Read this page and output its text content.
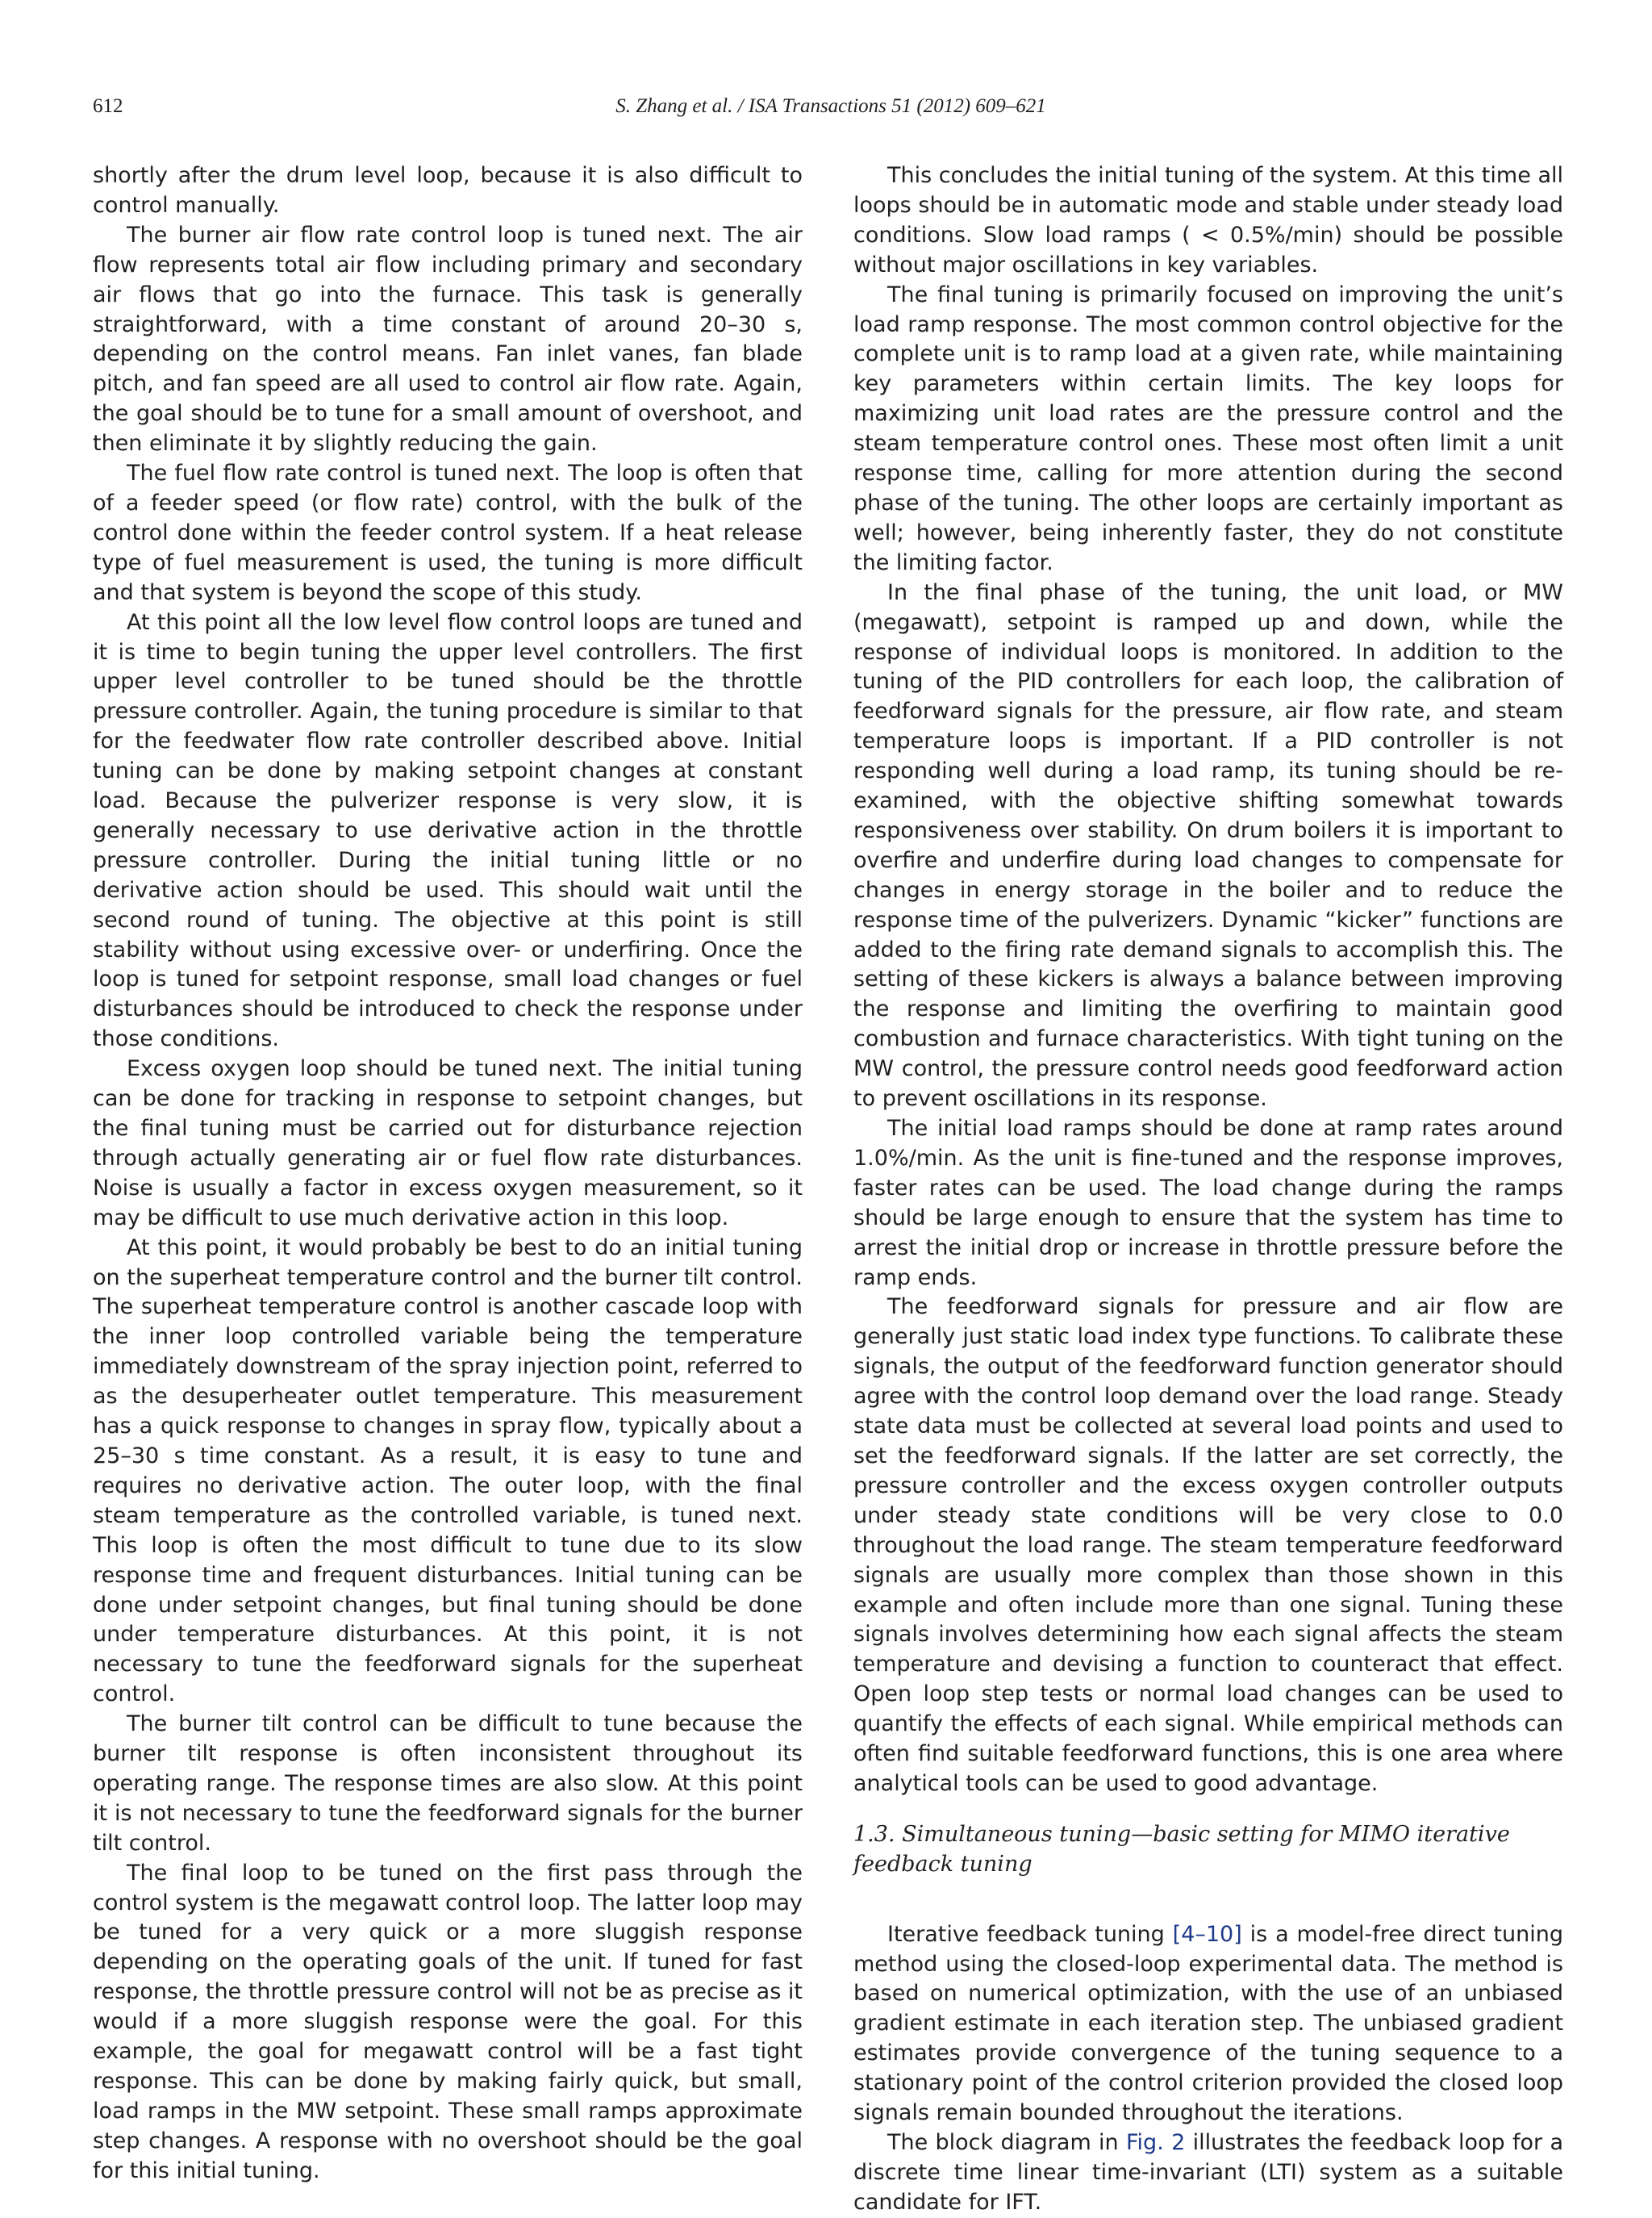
612	S. Zhang et al. / ISA Transactions 51 (2012) 609–621

shortly after the drum level loop, because it is also difficult to control manually.

The burner air flow rate control loop is tuned next. The air flow represents total air flow including primary and secondary air flows that go into the furnace. This task is generally straightforward, with a time constant of around 20–30 s, depending on the control means. Fan inlet vanes, fan blade pitch, and fan speed are all used to control air flow rate. Again, the goal should be to tune for a small amount of overshoot, and then eliminate it by slightly reducing the gain.

The fuel flow rate control is tuned next. The loop is often that of a feeder speed (or flow rate) control, with the bulk of the control done within the feeder control system. If a heat release type of fuel measurement is used, the tuning is more difficult and that system is beyond the scope of this study.

At this point all the low level flow control loops are tuned and it is time to begin tuning the upper level controllers. The first upper level controller to be tuned should be the throttle pressure controller. Again, the tuning procedure is similar to that for the feedwater flow rate controller described above. Initial tuning can be done by making setpoint changes at constant load. Because the pulverizer response is very slow, it is generally necessary to use derivative action in the throttle pressure controller. During the initial tuning little or no derivative action should be used. This should wait until the second round of tuning. The objective at this point is still stability without using excessive over- or underfiring. Once the loop is tuned for setpoint response, small load changes or fuel disturbances should be introduced to check the response under those conditions.

Excess oxygen loop should be tuned next. The initial tuning can be done for tracking in response to setpoint changes, but the final tuning must be carried out for disturbance rejection through actually generating air or fuel flow rate disturbances. Noise is usually a factor in excess oxygen measurement, so it may be difficult to use much derivative action in this loop.

At this point, it would probably be best to do an initial tuning on the superheat temperature control and the burner tilt control. The superheat temperature control is another cascade loop with the inner loop controlled variable being the temperature immediately downstream of the spray injection point, referred to as the desuperheater outlet temperature. This measurement has a quick response to changes in spray flow, typically about a 25–30 s time constant. As a result, it is easy to tune and requires no derivative action. The outer loop, with the final steam temperature as the controlled variable, is tuned next. This loop is often the most difficult to tune due to its slow response time and frequent disturbances. Initial tuning can be done under setpoint changes, but final tuning should be done under temperature disturbances. At this point, it is not necessary to tune the feedforward signals for the superheat control.

The burner tilt control can be difficult to tune because the burner tilt response is often inconsistent throughout its operating range. The response times are also slow. At this point it is not necessary to tune the feedforward signals for the burner tilt control.

The final loop to be tuned on the first pass through the control system is the megawatt control loop. The latter loop may be tuned for a very quick or a more sluggish response depending on the operating goals of the unit. If tuned for fast response, the throttle pressure control will not be as precise as it would if a more sluggish response were the goal. For this example, the goal for megawatt control will be a fast tight response. This can be done by making fairly quick, but small, load ramps in the MW setpoint. These small ramps approximate step changes. A response with no overshoot should be the goal for this initial tuning.

This concludes the initial tuning of the system. At this time all loops should be in automatic mode and stable under steady load conditions. Slow load ramps ( < 0.5%/min) should be possible without major oscillations in key variables.

The final tuning is primarily focused on improving the unit’s load ramp response. The most common control objective for the complete unit is to ramp load at a given rate, while maintaining key parameters within certain limits. The key loops for maximizing unit load rates are the pressure control and the steam temperature control ones. These most often limit a unit response time, calling for more attention during the second phase of the tuning. The other loops are certainly important as well; however, being inherently faster, they do not constitute the limiting factor.

In the final phase of the tuning, the unit load, or MW (megawatt), setpoint is ramped up and down, while the response of individual loops is monitored. In addition to the tuning of the PID controllers for each loop, the calibration of feedforward signals for the pressure, air flow rate, and steam temperature loops is important. If a PID controller is not responding well during a load ramp, its tuning should be re-examined, with the objective shifting somewhat towards responsiveness over stability. On drum boilers it is important to overfire and underfire during load changes to compensate for changes in energy storage in the boiler and to reduce the response time of the pulverizers. Dynamic “kicker” functions are added to the firing rate demand signals to accomplish this. The setting of these kickers is always a balance between improving the response and limiting the overfiring to maintain good combustion and furnace characteristics. With tight tuning on the MW control, the pressure control needs good feedforward action to prevent oscillations in its response.

The initial load ramps should be done at ramp rates around 1.0%/min. As the unit is fine-tuned and the response improves, faster rates can be used. The load change during the ramps should be large enough to ensure that the system has time to arrest the initial drop or increase in throttle pressure before the ramp ends.

The feedforward signals for pressure and air flow are generally just static load index type functions. To calibrate these signals, the output of the feedforward function generator should agree with the control loop demand over the load range. Steady state data must be collected at several load points and used to set the feedforward signals. If the latter are set correctly, the pressure controller and the excess oxygen controller outputs under steady state conditions will be very close to 0.0 throughout the load range. The steam temperature feedforward signals are usually more complex than those shown in this example and often include more than one signal. Tuning these signals involves determining how each signal affects the steam temperature and devising a function to counteract that effect. Open loop step tests or normal load changes can be used to quantify the effects of each signal. While empirical methods can often find suitable feedforward functions, this is one area where analytical tools can be used to good advantage.

1.3. Simultaneous tuning—basic setting for MIMO iterative feedback tuning

Iterative feedback tuning [4–10] is a model-free direct tuning method using the closed-loop experimental data. The method is based on numerical optimization, with the use of an unbiased gradient estimate in each iteration step. The unbiased gradient estimates provide convergence of the tuning sequence to a stationary point of the control criterion provided the closed loop signals remain bounded throughout the iterations.

The block diagram in Fig. 2 illustrates the feedback loop for a discrete time linear time-invariant (LTI) system as a suitable candidate for IFT.
